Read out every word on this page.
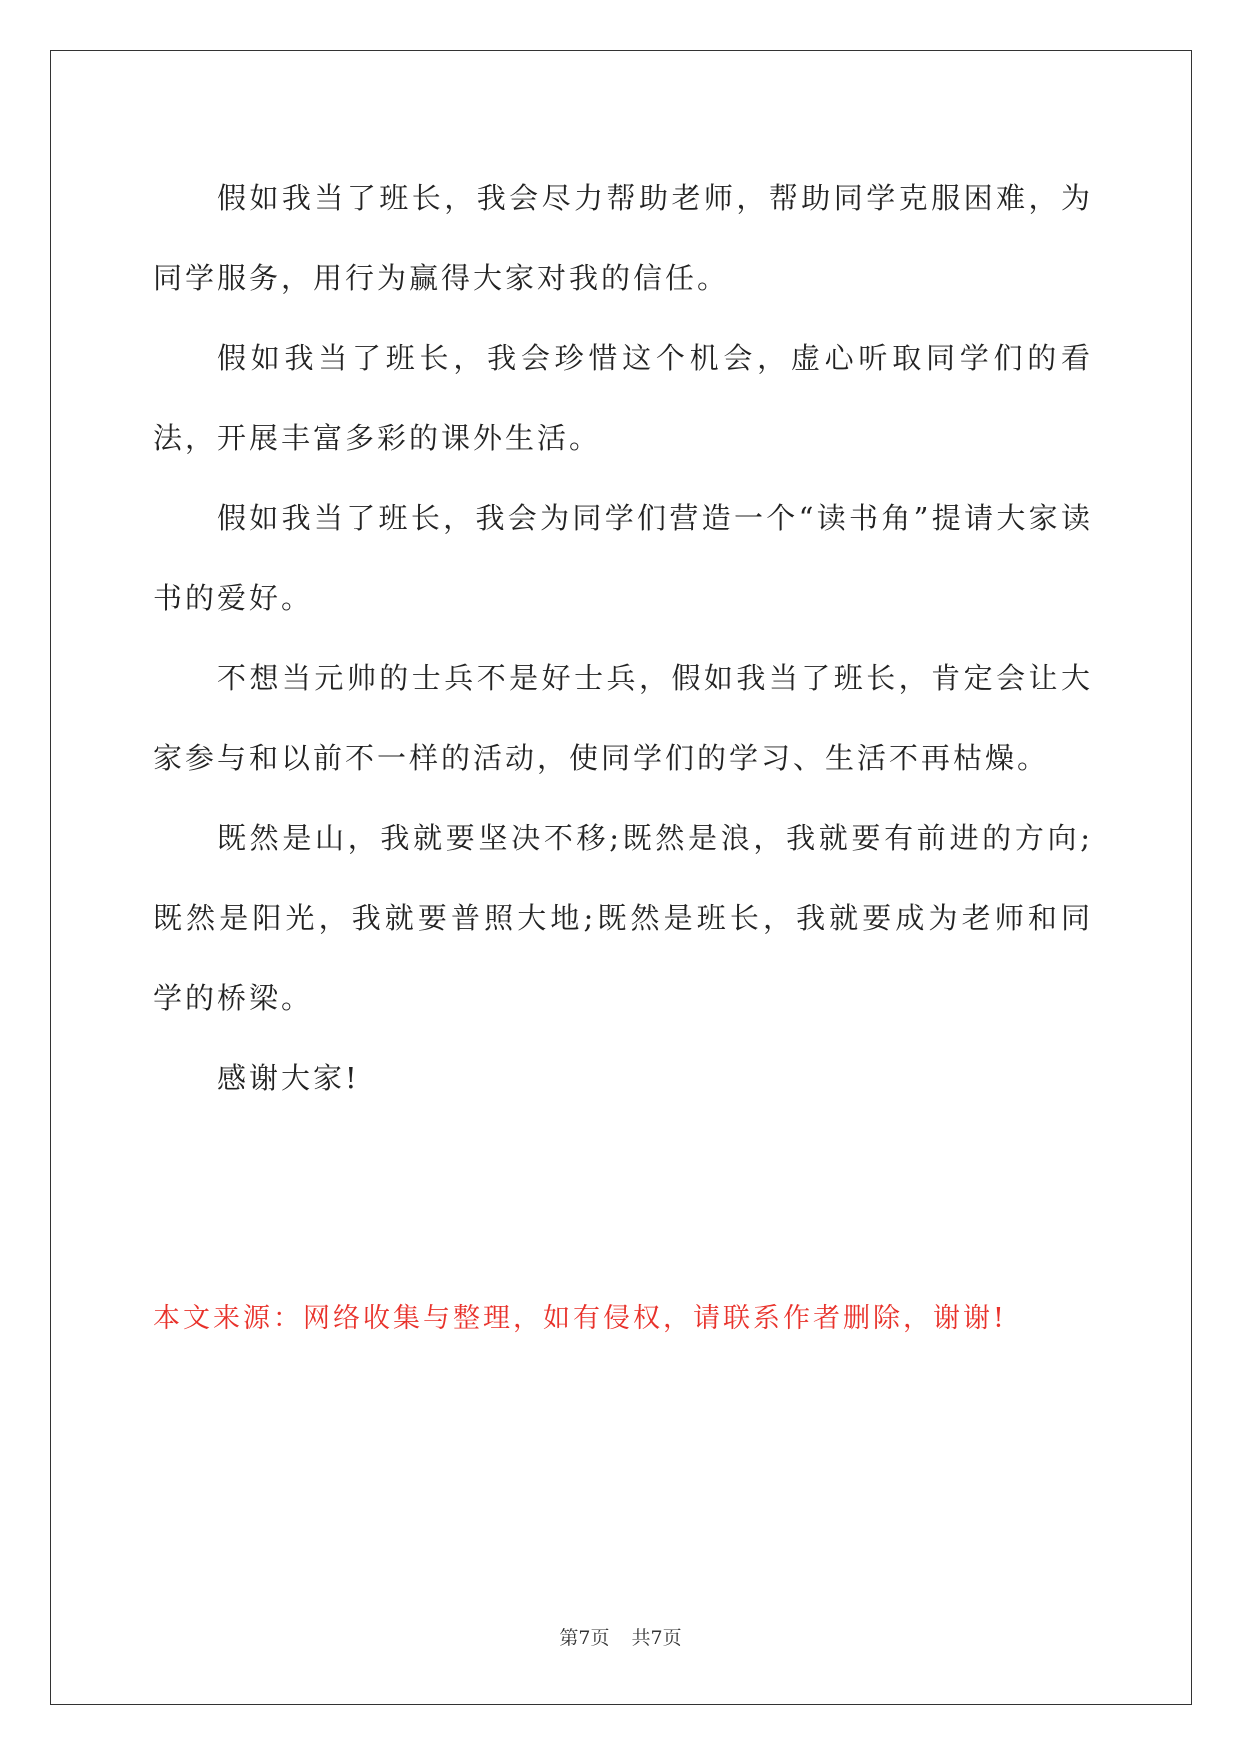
假如我当了班长，我会尽力帮助老师，帮助同学克服困难，为同学服务，用行为赢得大家对我的信任。

假如我当了班长，我会珍惜这个机会，虚心听取同学们的看法，开展丰富多彩的课外生活。

假如我当了班长，我会为同学们营造一个“读书角”提请大家读书的爱好。

不想当元帅的士兵不是好士兵，假如我当了班长，肯定会让大家参与和以前不一样的活动，使同学们的学习、生活不再枯燥。

既然是山，我就要坚决不移;既然是浪，我就要有前进的方向;既然是阳光，我就要普照大地;既然是班长，我就要成为老师和同学的桥梁。

感谢大家!

本文来源：网络收集与整理，如有侵权，请联系作者删除，谢谢!
第7页 共7页
